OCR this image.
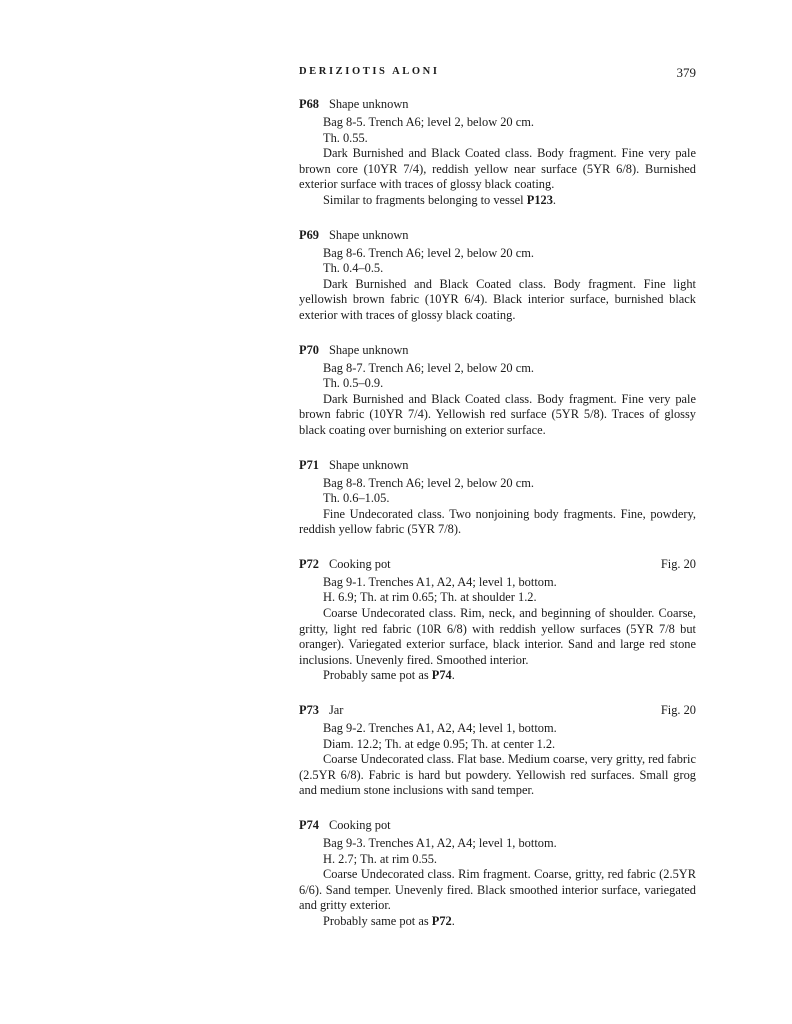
DERIZIOTIS ALONI	379
P68 Shape unknown
Bag 8-5. Trench A6; level 2, below 20 cm.
Th. 0.55.
Dark Burnished and Black Coated class. Body fragment. Fine very pale brown core (10YR 7/4), reddish yellow near surface (5YR 6/8). Burnished exterior surface with traces of glossy black coating.
Similar to fragments belonging to vessel P123.
P69 Shape unknown
Bag 8-6. Trench A6; level 2, below 20 cm.
Th. 0.4–0.5.
Dark Burnished and Black Coated class. Body fragment. Fine light yellowish brown fabric (10YR 6/4). Black interior surface, burnished black exterior with traces of glossy black coating.
P70 Shape unknown
Bag 8-7. Trench A6; level 2, below 20 cm.
Th. 0.5–0.9.
Dark Burnished and Black Coated class. Body fragment. Fine very pale brown fabric (10YR 7/4). Yellowish red surface (5YR 5/8). Traces of glossy black coating over burnishing on exterior surface.
P71 Shape unknown
Bag 8-8. Trench A6; level 2, below 20 cm.
Th. 0.6–1.05.
Fine Undecorated class. Two nonjoining body fragments. Fine, powdery, reddish yellow fabric (5YR 7/8).
P72 Cooking pot	Fig. 20
Bag 9-1. Trenches A1, A2, A4; level 1, bottom.
H. 6.9; Th. at rim 0.65; Th. at shoulder 1.2.
Coarse Undecorated class. Rim, neck, and beginning of shoulder. Coarse, gritty, light red fabric (10R 6/8) with reddish yellow surfaces (5YR 7/8 but oranger). Variegated exterior surface, black interior. Sand and large red stone inclusions. Unevenly fired. Smoothed interior.
Probably same pot as P74.
P73 Jar	Fig. 20
Bag 9-2. Trenches A1, A2, A4; level 1, bottom.
Diam. 12.2; Th. at edge 0.95; Th. at center 1.2.
Coarse Undecorated class. Flat base. Medium coarse, very gritty, red fabric (2.5YR 6/8). Fabric is hard but powdery. Yellowish red surfaces. Small grog and medium stone inclusions with sand temper.
P74 Cooking pot
Bag 9-3. Trenches A1, A2, A4; level 1, bottom.
H. 2.7; Th. at rim 0.55.
Coarse Undecorated class. Rim fragment. Coarse, gritty, red fabric (2.5YR 6/6). Sand temper. Unevenly fired. Black smoothed interior surface, variegated and gritty exterior.
Probably same pot as P72.
